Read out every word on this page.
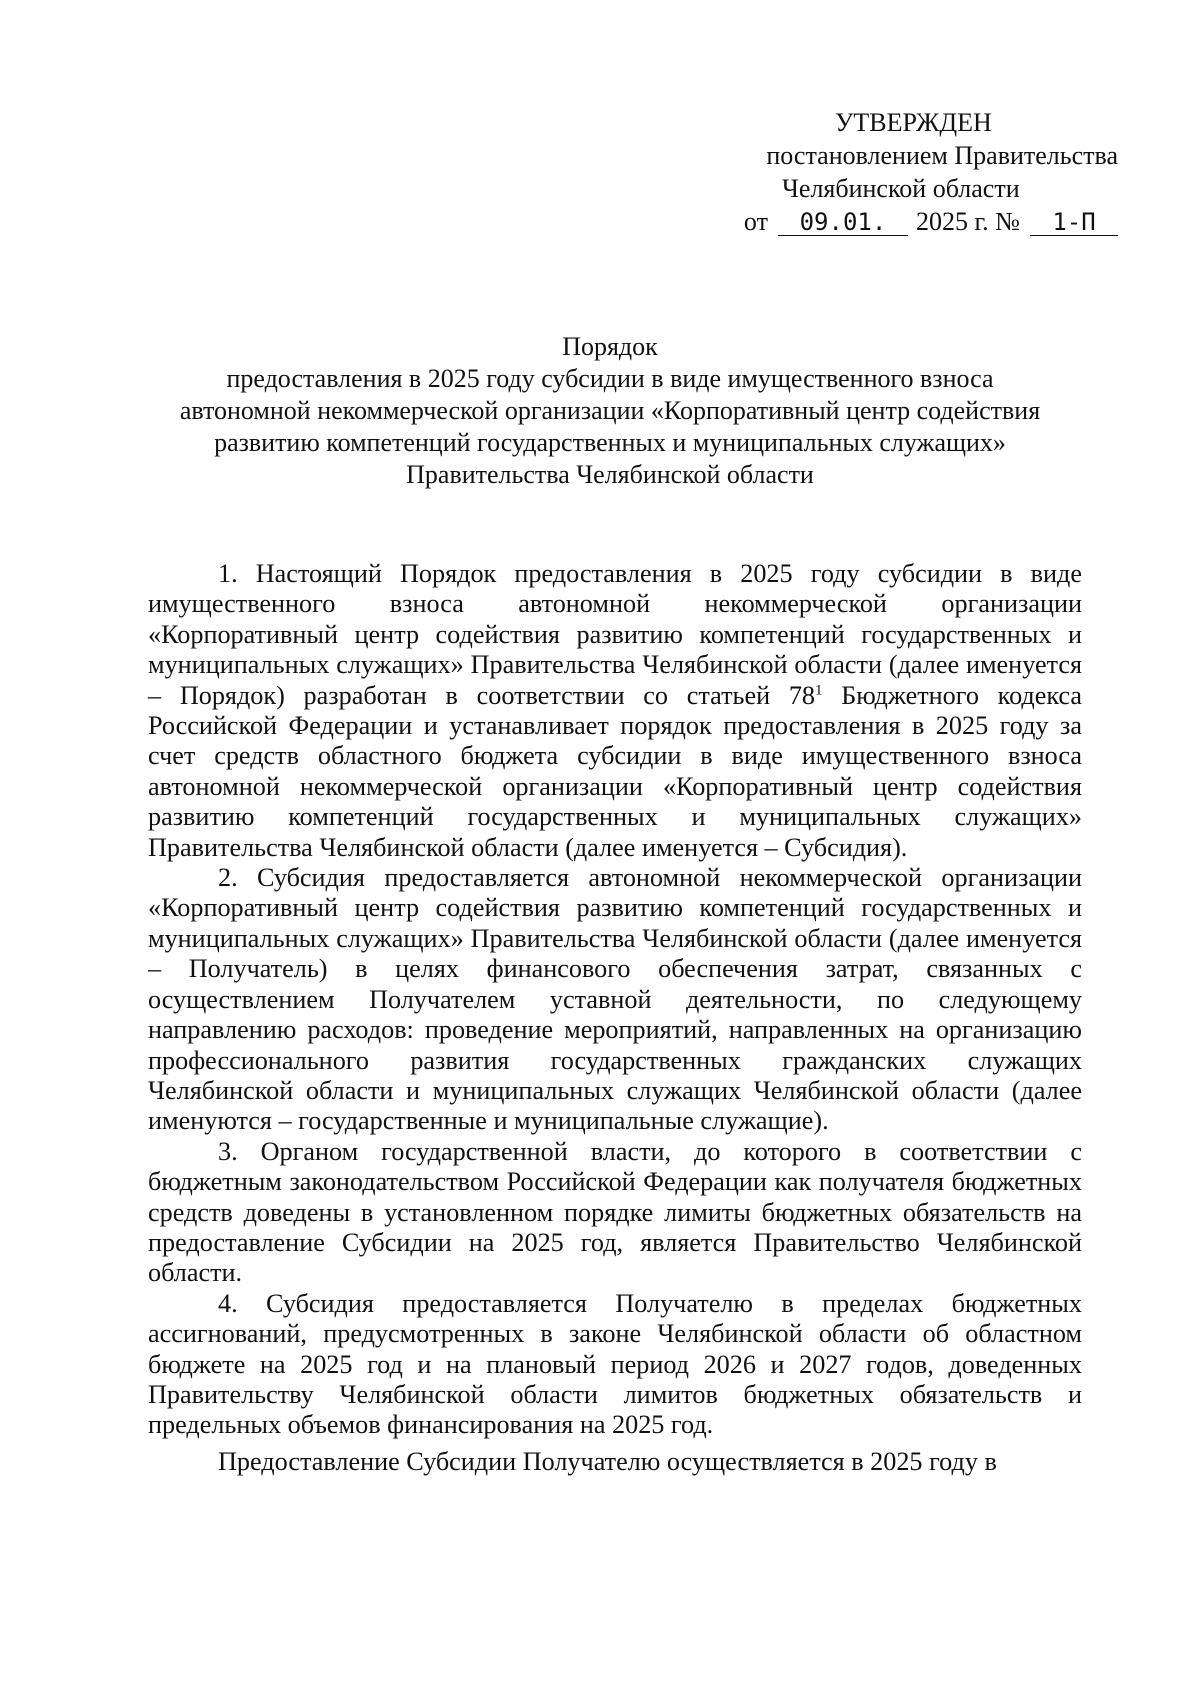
УТВЕРЖДЕН
постановлением Правительства
Челябинской области
от	09.01.	2025 г. №	1-П
Порядок
предоставления в 2025 году субсидии в виде имущественного взноса
автономной некоммерческой организации «Корпоративный центр содействия
развитию компетенций государственных и муниципальных служащих»
Правительства Челябинской области

1. Настоящий Порядок предоставления в 2025 году субсидии в виде имущественного взноса автономной некоммерческой организации «Корпоративный центр содействия развитию компетенций государственных и муниципальных служащих» Правительства Челябинской области (далее именуется – Порядок) разработан в соответствии со статьей $78^1$ Бюджетного кодекса Российской Федерации и устанавливает порядок предоставления в 2025 году за счет средств областного бюджета субсидии в виде имущественного взноса автономной некоммерческой организации «Корпоративный центр содействия развитию компетенций государственных и муниципальных служащих» Правительства Челябинской области (далее именуется – Субсидия).

2. Субсидия предоставляется автономной некоммерческой организации «Корпоративный центр содействия развитию компетенций государственных и муниципальных служащих» Правительства Челябинской области (далее именуется – Получатель) в целях финансового обеспечения затрат, связанных с осуществлением Получателем уставной деятельности, по следующему направлению расходов: проведение мероприятий, направленных на организацию профессионального развития государственных гражданских служащих Челябинской области и муниципальных служащих Челябинской области (далее именуются – государственные и муниципальные служащие).

3. Органом государственной власти, до которого в соответствии с бюджетным законодательством Российской Федерации как получателя бюджетных средств доведены в установленном порядке лимиты бюджетных обязательств на предоставление Субсидии на 2025 год, является Правительство Челябинской области.

4. Субсидия предоставляется Получателю в пределах бюджетных ассигнований, предусмотренных в законе Челябинской области об областном бюджете на 2025 год и на плановый период 2026 и 2027 годов, доведенных Правительству Челябинской области лимитов бюджетных обязательств и предельных объемов финансирования на 2025 год.

Предоставление Субсидии Получателю осуществляется в 2025 году в
